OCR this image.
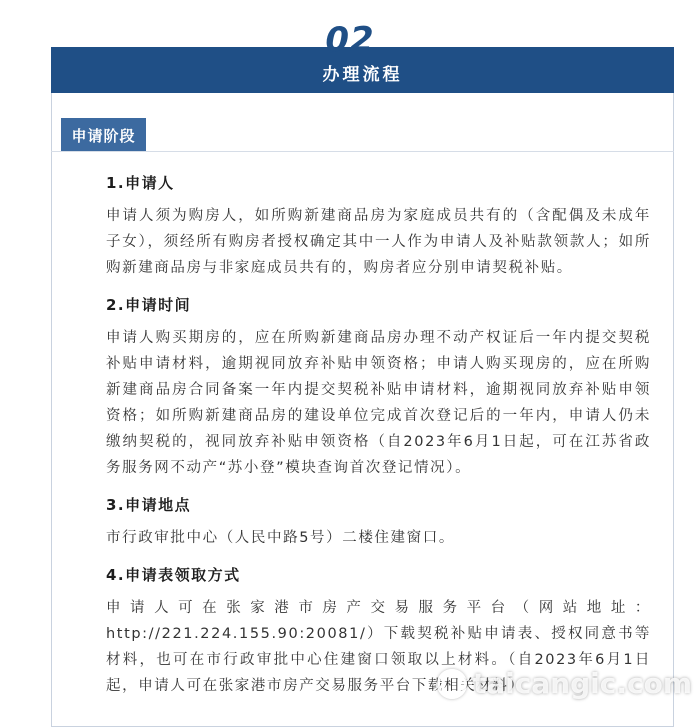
02
办理流程
申请阶段
1.申请人

申请人须为购房人，如所购新建商品房为家庭成员共有的（含配偶及未成年子女），须经所有购房者授权确定其中一人作为申请人及补贴款领款人；如所购新建商品房与非家庭成员共有的，购房者应分别申请契税补贴。

2.申请时间

申请人购买期房的，应在所购新建商品房办理不动产权证后一年内提交契税补贴申请材料，逾期视同放弃补贴申领资格；申请人购买现房的，应在所购新建商品房合同备案一年内提交契税补贴申请材料，逾期视同放弃补贴申领资格；如所购新建商品房的建设单位完成首次登记后的一年内，申请人仍未缴纳契税的，视同放弃补贴申领资格（自2023年6月1日起，可在江苏省政务服务网不动产“苏小登”模块查询首次登记情况）。

3.申请地点

市行政审批中心（人民中路5号）二楼住建窗口。

4.申请表领取方式

申请人可在张家港市房产交易服务平台（网站地址：http://221.224.155.90:20081/）下载契税补贴申请表、授权同意书等材料，也可在市行政审批中心住建窗口领取以上材料。（自2023年6月1日起，申请人可在张家港市房产交易服务平台下载相关材料）

taicangic.com
